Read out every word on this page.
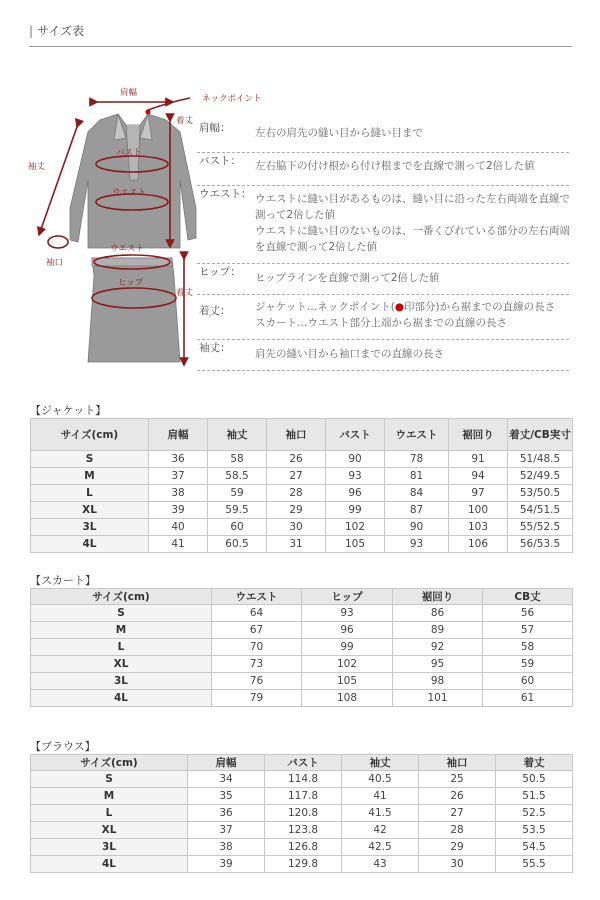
| サイズ表
肩幅
ネックポイント
着丈
袖丈
バスト
ウエスト
袖口
ウエスト
ヒップ
着丈
肩幅：	左右の肩先の縫い目から縫い目まで
バスト：	左右脇下の付け根から付け根までを直線で測って2倍した値
ウエスト： ウエストに縫い目があるものは、縫い目に沿った左右両端を直線で
測って2倍した値
ウエストに縫い目のないものは、一番くびれている部分の左右両端
を直線で測って2倍した値
ヒップ：	ヒップラインを直線で測って2倍した値
着丈：	ジャケット…ネックポイント(●印部分)から裾までの直線の長さ
スカート…ウエスト部分上端から裾までの直線の長さ
袖丈：	肩先の縫い目から袖口までの直線の長さ
【ジャケット】
サイズ(cm)	肩幅	袖丈	袖口	バスト	ウエスト	裾回り	着丈/CB実寸
S	36	58	26	90	78	91	51/48.5
M	37	58.5	27	93	81	94	52/49.5
L	38	59	28	96	84	97	53/50.5
XL	39	59.5	29	99	87	100	54/51.5
3L	40	60	30	102	90	103	55/52.5
4L	41	60.5	31	105	93	106	56/53.5
【スカート】
サイズ(cm)	ウエスト	ヒップ	裾回り	CB丈
S	64	93	86	56
M	67	96	89	57
L	70	99	92	58
XL	73	102	95	59
3L	76	105	98	60
4L	79	108	101	61
【ブラウス】
サイズ(cm)	肩幅	バスト	袖丈	袖口	着丈
S	34	114.8	40.5	25	50.5
M	35	117.8	41	26	51.5
L	36	120.8	41.5	27	52.5
XL	37	123.8	42	28	53.5
3L	38	126.8	42.5	29	54.5
4L	39	129.8	43	30	55.5
